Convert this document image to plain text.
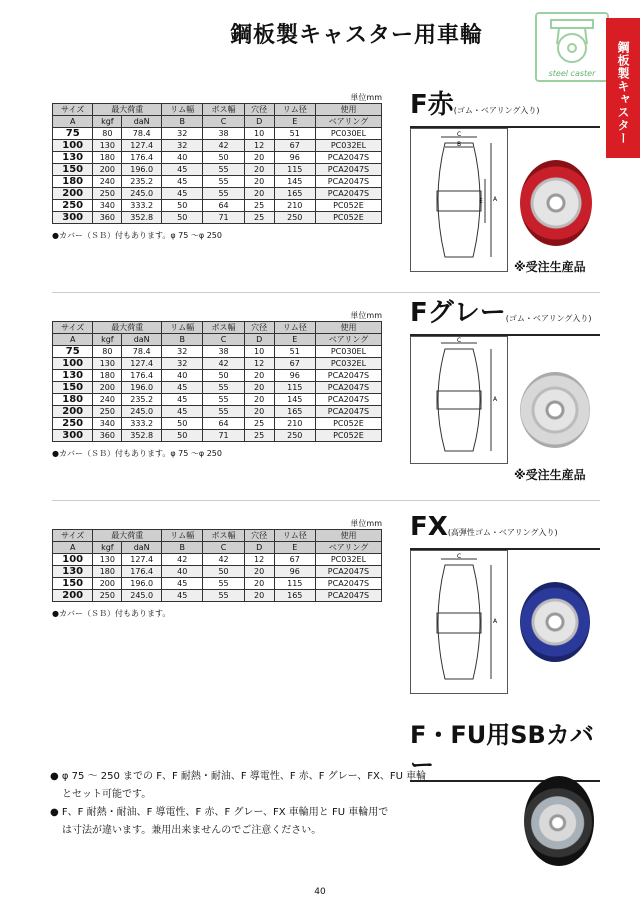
鋼板製キャスター用車輪
steel caster	鋼板製キャスター
単位mm
サイズ	最大荷重		リム幅	ボス幅	穴径	リム径	使用
A	kgf	daN	B	C	D	E	ベアリング
75	80	78.4	32	38	10	51	PC030EL
100	130	127.4	32	42	12	67	PC032EL
130	180	176.4	40	50	20	96	PCA2047S
150	200	196.0	45	55	20	115	PCA2047S
180	240	235.2	45	55	20	145	PCA2047S
200	250	245.0	45	55	20	165	PCA2047S
250	340	333.2	50	64	25	210	PC052E
300	360	352.8	50	71	25	250	PC052E
●カバー（ＳＢ）付もあります。φ 75 〜φ 250
F赤(ゴム・ベアリング入り)
C
B
A
E
※受注生産品
単位mm
サイズ	最大荷重		リム幅	ボス幅	穴径	リム径	使用
A	kgf	daN	B	C	D	E	ベアリング
75	80	78.4	32	38	10	51	PC030EL
100	130	127.4	32	42	12	67	PC032EL
130	180	176.4	40	50	20	96	PCA2047S
150	200	196.0	45	55	20	115	PCA2047S
180	240	235.2	45	55	20	145	PCA2047S
200	250	245.0	45	55	20	165	PCA2047S
250	340	333.2	50	64	25	210	PC052E
300	360	352.8	50	71	25	250	PC052E
●カバー（ＳＢ）付もあります。φ 75 〜φ 250
Fグレー(ゴム・ベアリング入り)
C
A
※受注生産品
単位mm
サイズ	最大荷重		リム幅	ボス幅	穴径	リム径	使用
A	kgf	daN	B	C	D	E	ベアリング
100	130	127.4	42	42	12	67	PC032EL
130	180	176.4	40	50	20	96	PCA2047S
150	200	196.0	45	55	20	115	PCA2047S
200	250	245.0	45	55	20	165	PCA2047S
●カバー（ＳＢ）付もあります。
FX(高弾性ゴム・ベアリング入り)
C
A
F・FU用SBカバー
● φ 75 〜 250 までの F、F 耐熱・耐油、F 導電性、F 赤、F グレー、FX、FU 車輪
とセット可能です。
● F、F 耐熱・耐油、F 導電性、F 赤、F グレー、FX 車輪用と FU 車輪用で
は寸法が違います。兼用出来ませんのでご注意ください。
40
